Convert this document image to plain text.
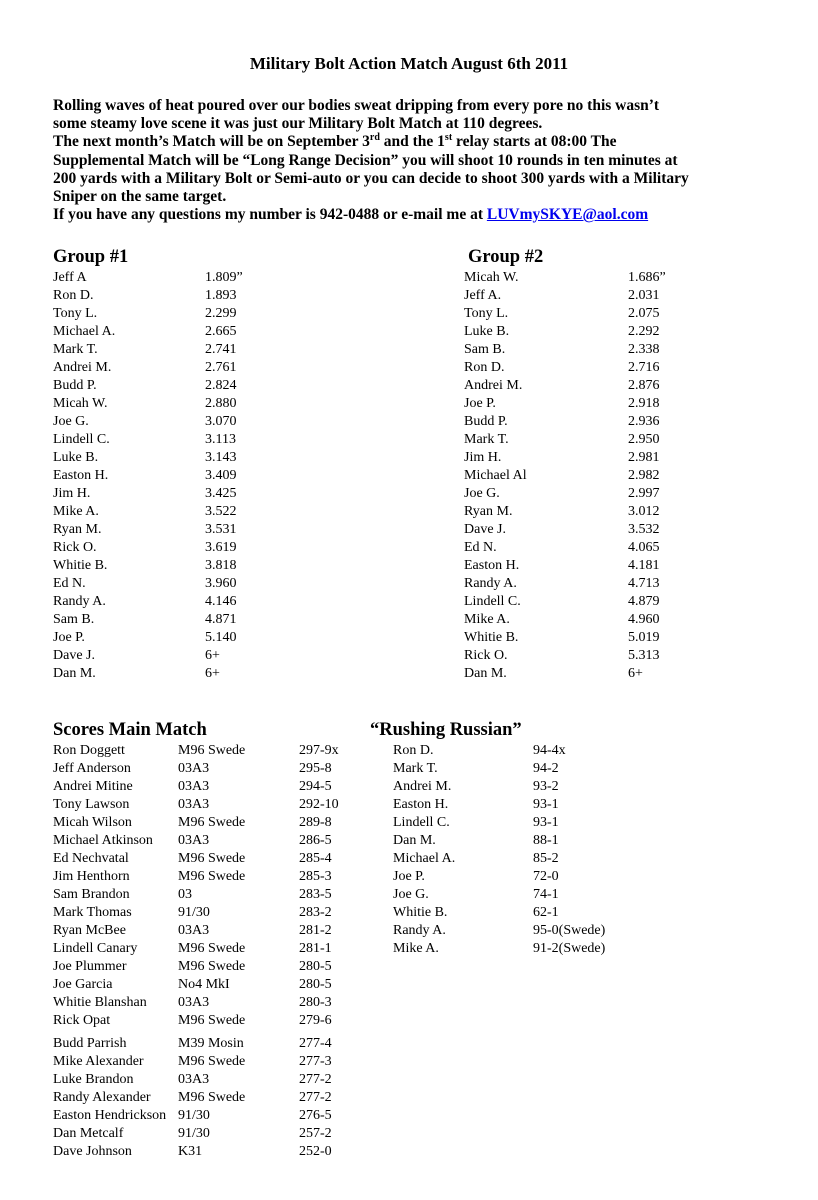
Military Bolt Action Match August 6th 2011

Rolling waves of heat poured over our bodies sweat dripping from every pore no this wasn’t

some steamy love scene it was just our Military Bolt Match at 110 degrees.

The next month’s Match will be on September 3rd and the 1st relay starts at 08:00 The

Supplemental Match will be “Long Range Decision” you will shoot 10 rounds in ten minutes at

200 yards with a Military Bolt or Semi-auto or you can decide to shoot 300 yards with a Military

Sniper on the same target.

If you have any questions my number is 942-0488 or e-mail me at LUVmySKYE@aol.com

Group #1	Group #2
Scores Main Match	“Rushing Russian”
Jeff A	1.809”
Ron D.	1.893
Tony L.	2.299
Michael A.	2.665
Mark T.	2.741
Andrei M.	2.761
Budd P.	2.824
Micah W.	2.880
Joe G.	3.070
Lindell C.	3.113
Luke B.	3.143
Easton H.	3.409
Jim H.	3.425
Mike A.	3.522
Ryan M.	3.531
Rick O.	3.619
Whitie B.	3.818
Ed N.	3.960
Randy A.	4.146
Sam B.	4.871
Joe P.	5.140
Dave J.	6+
Dan M.	6+
Micah W.	1.686”
Jeff A.	2.031
Tony L.	2.075
Luke B.	2.292
Sam B.	2.338
Ron D.	2.716
Andrei M.	2.876
Joe P.	2.918
Budd P.	2.936
Mark T.	2.950
Jim H.	2.981
Michael Al	2.982
Joe G.	2.997
Ryan M.	3.012
Dave J.	3.532
Ed N.	4.065
Easton H.	4.181
Randy A.	4.713
Lindell C.	4.879
Mike A.	4.960
Whitie B.	5.019
Rick O.	5.313
Dan M.	6+
Ron Doggett	M96 Swede	297-9x
Jeff Anderson	03A3	295-8
Andrei Mitine	03A3	294-5
Tony Lawson	03A3	292-10
Micah Wilson	M96 Swede	289-8
Michael Atkinson 03A3	286-5
Ed Nechvatal	M96 Swede	285-4
Jim Henthorn	M96 Swede	285-3
Sam Brandon	03	283-5
Mark Thomas	91/30	283-2
Ryan McBee	03A3	281-2
Lindell Canary	M96 Swede	281-1
Joe Plummer	M96 Swede	280-5
Joe Garcia	No4 MkI	280-5
Whitie Blanshan 03A3	280-3
Rick Opat	M96 Swede	279-6
Budd Parrish	M39 Mosin	277-4
Mike Alexander M96 Swede	277-3
Luke Brandon	03A3	277-2
Randy Alexander M96 Swede	277-2
Easton Hendrickson 91/30	276-5
Dan Metcalf	91/30	257-2
Dave Johnson	K31	252-0
Ron D.	94-4x
Mark T.	94-2
Andrei M.	93-2
Easton H.	93-1
Lindell C.	93-1
Dan M.	88-1
Michael A.	85-2
Joe P.	72-0
Joe G.	74-1
Whitie B.	62-1
Randy A.	95-0(Swede)
Mike A.	91-2(Swede)
